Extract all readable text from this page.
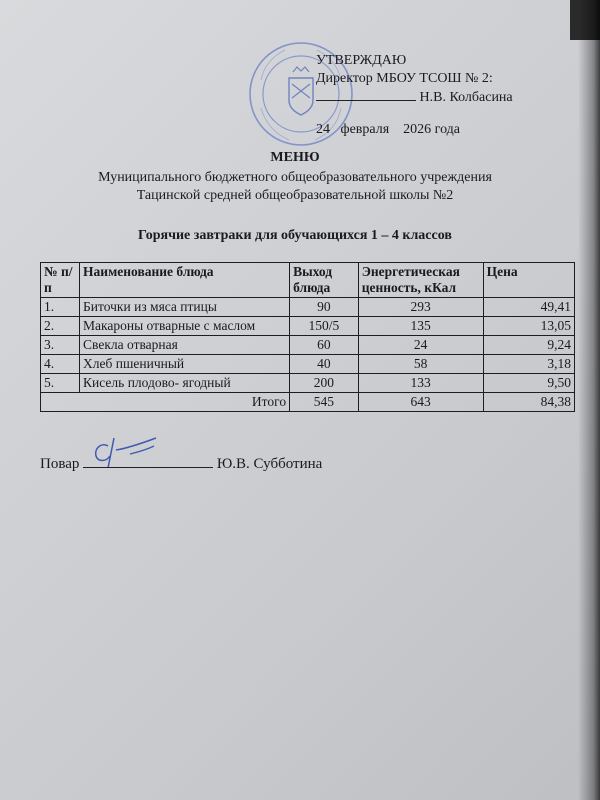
УТВЕРЖДАЮ
Директор МБОУ ТСОШ № 2:
Н.В. Колбасина
24 февраля 2026 года
МЕНЮ
Муниципального бюджетного общеобразовательного учреждения
Тацинской средней общеобразовательной школы №2
Горячие завтраки для обучающихся 1 – 4 классов
№ п/п	Наименование блюда	Выход блюда	Энергетическая ценность, кКал	Цена
1.	Биточки из мяса птицы	90	293	49,41
2.	Макароны отварные с маслом	150/5	135	13,05
3.	Свекла отварная	60	24	9,24
4.	Хлеб пшеничный	40	58	3,18
5.	Кисель плодово- ягодный	200	133	9,50
Итого		545	643	84,38
Повар	Ю.В. Субботина
